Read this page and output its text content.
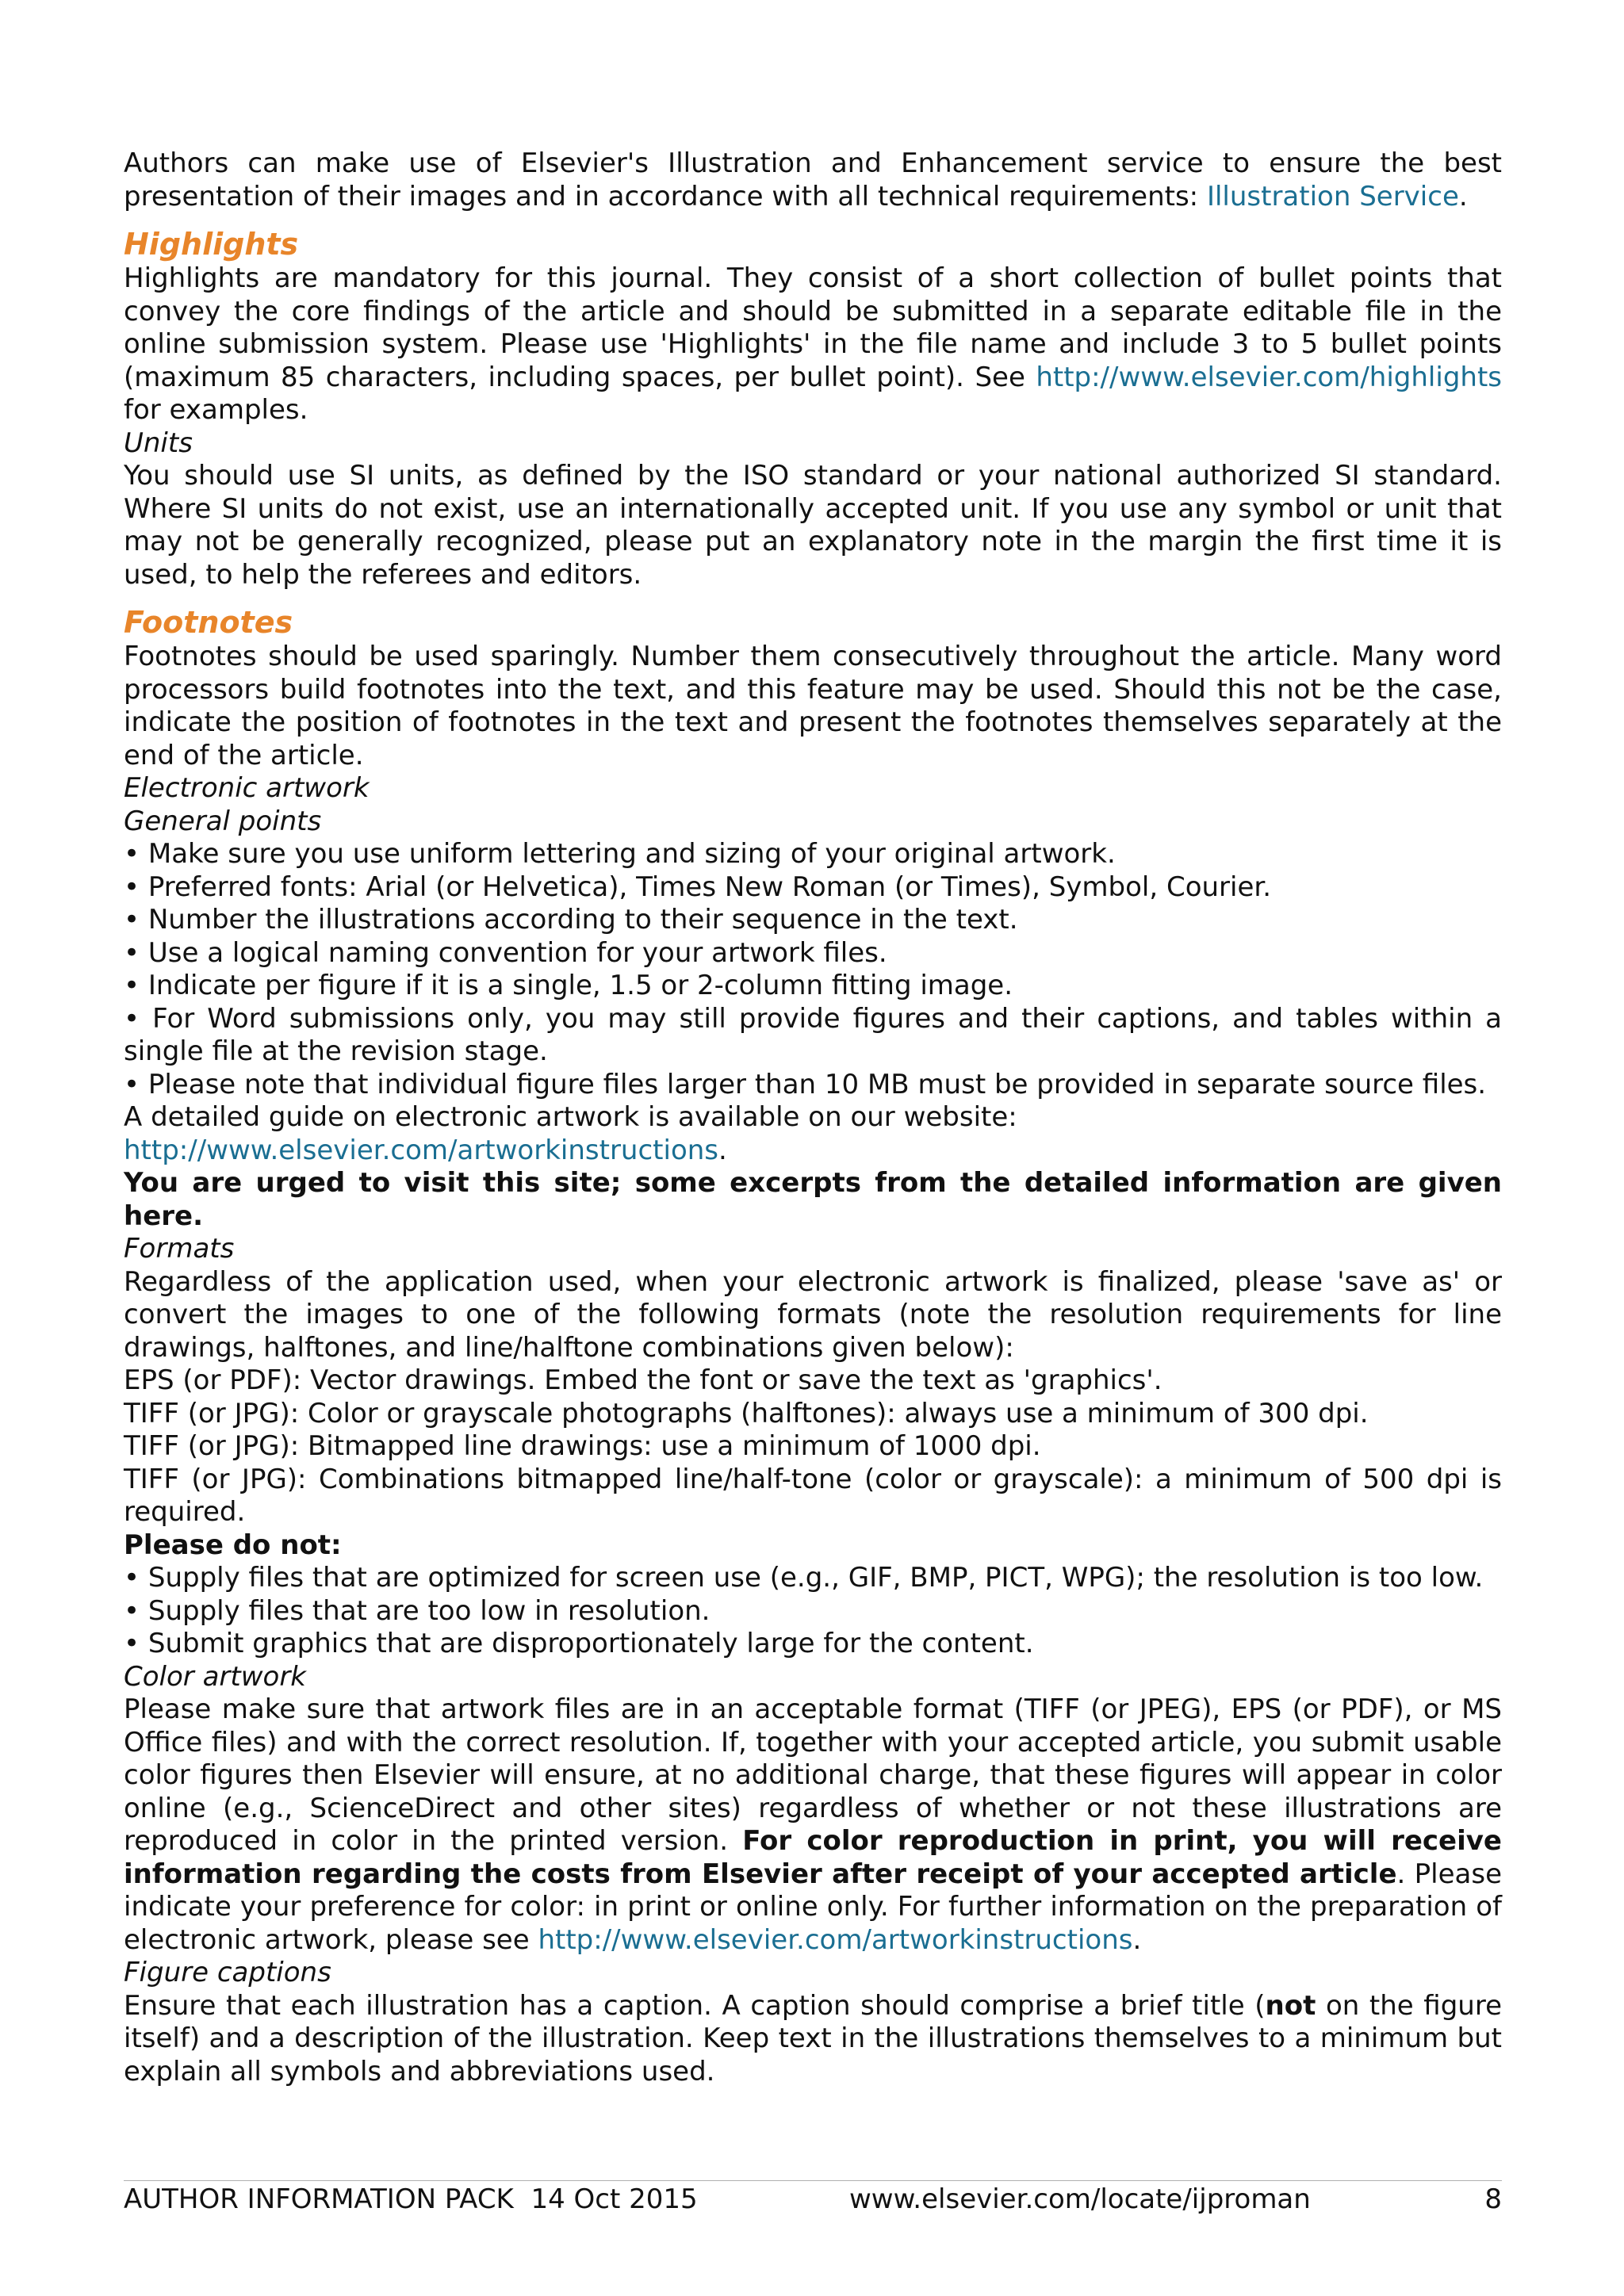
Authors can make use of Elsevier's Illustration and Enhancement service to ensure the best presentation of their images and in accordance with all technical requirements: Illustration Service.

Highlights

Highlights are mandatory for this journal. They consist of a short collection of bullet points that convey the core findings of the article and should be submitted in a separate editable file in the online submission system. Please use 'Highlights' in the file name and include 3 to 5 bullet points (maximum 85 characters, including spaces, per bullet point). See http://www.elsevier.com/highlights for examples.

Units

You should use SI units, as defined by the ISO standard or your national authorized SI standard. Where SI units do not exist, use an internationally accepted unit. If you use any symbol or unit that may not be generally recognized, please put an explanatory note in the margin the first time it is used, to help the referees and editors.

Footnotes

Footnotes should be used sparingly. Number them consecutively throughout the article. Many word processors build footnotes into the text, and this feature may be used. Should this not be the case, indicate the position of footnotes in the text and present the footnotes themselves separately at the end of the article.

Electronic artwork

General points

• Make sure you use uniform lettering and sizing of your original artwork.

• Preferred fonts: Arial (or Helvetica), Times New Roman (or Times), Symbol, Courier.

• Number the illustrations according to their sequence in the text.

• Use a logical naming convention for your artwork files.

• Indicate per figure if it is a single, 1.5 or 2-column fitting image.

• For Word submissions only, you may still provide figures and their captions, and tables within a single file at the revision stage.

• Please note that individual figure files larger than 10 MB must be provided in separate source files.

A detailed guide on electronic artwork is available on our website:

http://www.elsevier.com/artworkinstructions.

You are urged to visit this site; some excerpts from the detailed information are given here.

Formats

Regardless of the application used, when your electronic artwork is finalized, please 'save as' or convert the images to one of the following formats (note the resolution requirements for line drawings, halftones, and line/halftone combinations given below):

EPS (or PDF): Vector drawings. Embed the font or save the text as 'graphics'.

TIFF (or JPG): Color or grayscale photographs (halftones): always use a minimum of 300 dpi.

TIFF (or JPG): Bitmapped line drawings: use a minimum of 1000 dpi.

TIFF (or JPG): Combinations bitmapped line/half-tone (color or grayscale): a minimum of 500 dpi is required.

Please do not:

• Supply files that are optimized for screen use (e.g., GIF, BMP, PICT, WPG); the resolution is too low.

• Supply files that are too low in resolution.

• Submit graphics that are disproportionately large for the content.

Color artwork

Please make sure that artwork files are in an acceptable format (TIFF (or JPEG), EPS (or PDF), or MS Office files) and with the correct resolution. If, together with your accepted article, you submit usable color figures then Elsevier will ensure, at no additional charge, that these figures will appear in color online (e.g., ScienceDirect and other sites) regardless of whether or not these illustrations are reproduced in color in the printed version. For color reproduction in print, you will receive information regarding the costs from Elsevier after receipt of your accepted article. Please indicate your preference for color: in print or online only. For further information on the preparation of electronic artwork, please see http://www.elsevier.com/artworkinstructions.

Figure captions

Ensure that each illustration has a caption. A caption should comprise a brief title (not on the figure itself) and a description of the illustration. Keep text in the illustrations themselves to a minimum but explain all symbols and abbreviations used.

AUTHOR INFORMATION PACK  14 Oct 2015	www.elsevier.com/locate/ijproman	8
